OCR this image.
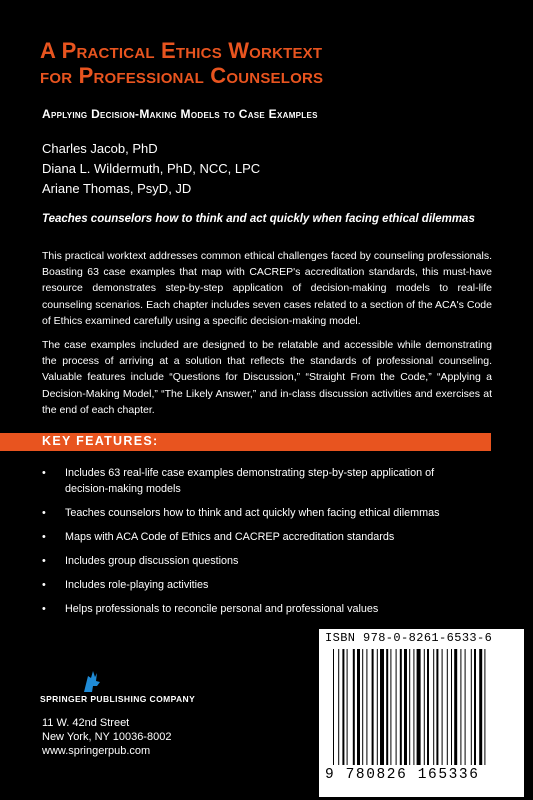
A Practical Ethics Worktext
for Professional Counselors

Applying Decision-Making Models to Case Examples

Charles Jacob, PhD
Diana L. Wildermuth, PhD, NCC, LPC
Ariane Thomas, PsyD, JD

Teaches counselors how to think and act quickly when facing ethical dilemmas

This practical worktext addresses common ethical challenges faced by counseling professionals. Boasting 63 case examples that map with CACREP's accreditation standards, this must-have resource demonstrates step-by-step application of decision-making models to real-life counseling scenarios. Each chapter includes seven cases related to a section of the ACA's Code of Ethics examined carefully using a specific decision-making model.

The case examples included are designed to be relatable and accessible while demonstrating the process of arriving at a solution that reflects the standards of professional counseling. Valuable features include “Questions for Discussion,” “Straight From the Code,” “Applying a Decision-Making Model,” “The Likely Answer,” and in-class discussion activities and exercises at the end of each chapter.

KEY FEATURES:
• Includes 63 real-life case examples demonstrating step-by-step application of decision-making models
• Teaches counselors how to think and act quickly when facing ethical dilemmas
• Maps with ACA Code of Ethics and CACREP accreditation standards
• Includes group discussion questions
• Includes role-playing activities
• Helps professionals to reconcile personal and professional values
SPRINGER PUBLISHING COMPANY
11 W. 42nd Street
New York, NY 10036-8002
www.springerpub.com
ISBN 978-0-8261-6533-6
9 780826 165336
